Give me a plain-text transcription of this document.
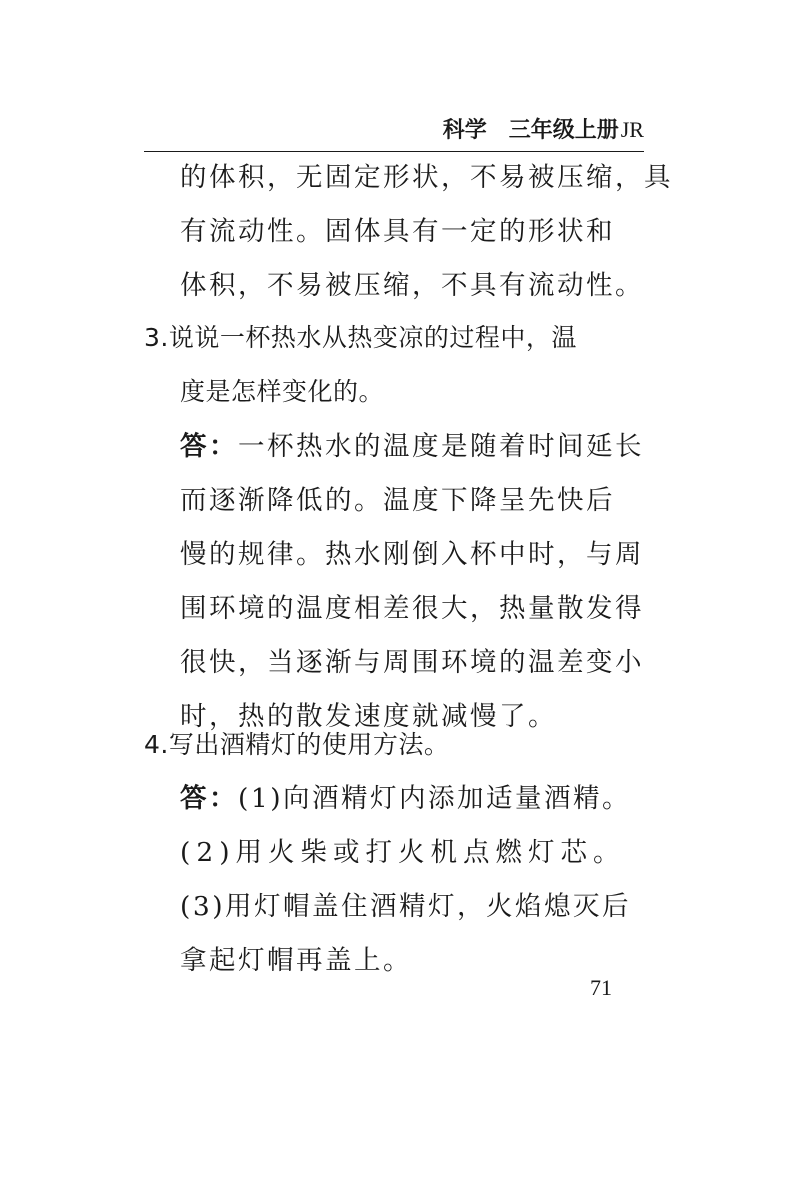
科学 三年级上册JR
的体积，无固定形状，不易被压缩，具
有流动性。固体具有一定的形状和
体积，不易被压缩，不具有流动性。
3.说说一杯热水从热变凉的过程中，温
度是怎样变化的。
答：一杯热水的温度是随着时间延长
而逐渐降低的。温度下降呈先快后
慢的规律。热水刚倒入杯中时，与周
围环境的温度相差很大，热量散发得
很快，当逐渐与周围环境的温差变小
时，热的散发速度就减慢了。
4.写出酒精灯的使用方法。
答：(1)向酒精灯内添加适量酒精。
(2)用火柴或打火机点燃灯芯。
(3)用灯帽盖住酒精灯，火焰熄灭后
拿起灯帽再盖上。
71
